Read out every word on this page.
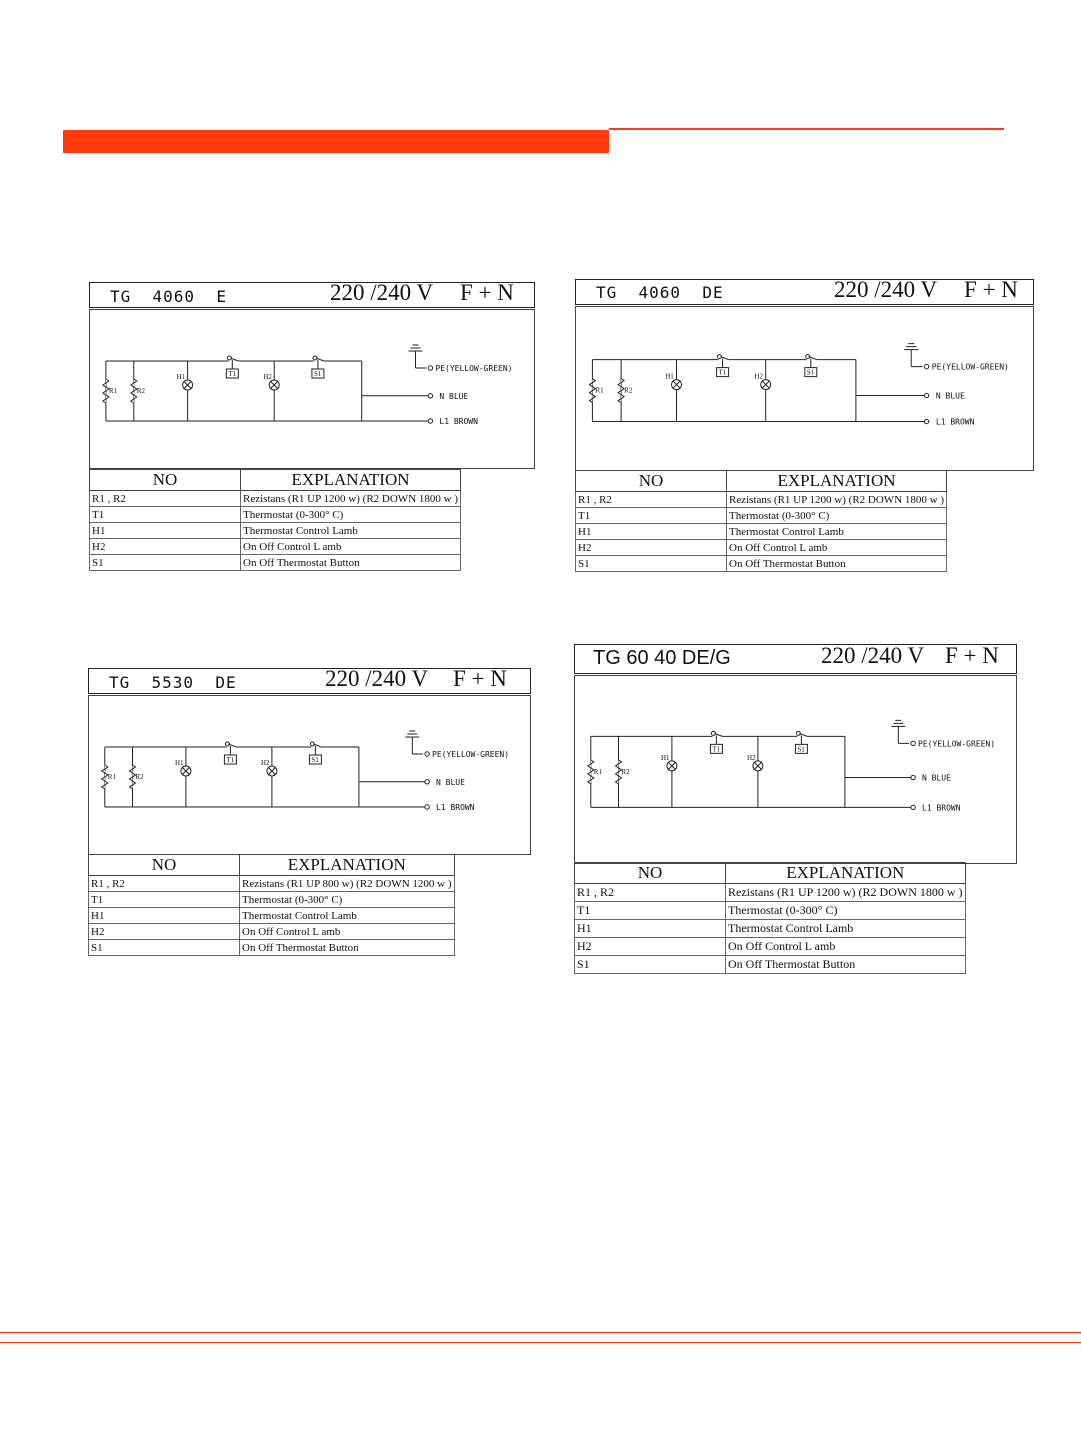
TG  4060  E	220 /240 V F + N
R1	R2
H1	H2
T1	S1
PE(YELLOW-GREEN)
N BLUE
L1 BROWN
NO	EXPLANATION
R1 , R2	Rezistans (R1 UP 1200 w) (R2 DOWN 1800 w )
T1	Thermostat (0-300° C)
H1	Thermostat Control Lamb
H2	On Off Control L amb
S1	On Off Thermostat Button
TG  4060  DE	220 /240 V F + N
R1	R2
H1	H2
T1	S1
PE(YELLOW-GREEN)
N BLUE
L1 BROWN
NO	EXPLANATION
R1 , R2	Rezistans (R1 UP 1200 w) (R2 DOWN 1800 w )
T1	Thermostat (0-300° C)
H1	Thermostat Control Lamb
H2	On Off Control L amb
S1	On Off Thermostat Button
TG  5530  DE	220 /240 V F + N
R1	R2
H1	H2
T1	S1
PE(YELLOW-GREEN)
N BLUE
L1 BROWN
NO	EXPLANATION
R1 , R2	Rezistans (R1 UP 800 w) (R2 DOWN 1200 w )
T1	Thermostat (0-300° C)
H1	Thermostat Control Lamb
H2	On Off Control L amb
S1	On Off Thermostat Button
TG 60 40 DE/G	220 /240 V F + N
R1	R2
H1	H2
T1	S1
PE(YELLOW-GREEN)
N BLUE
L1 BROWN
NO	EXPLANATION
R1 , R2	Rezistans (R1 UP 1200 w) (R2 DOWN 1800 w )
T1	Thermostat (0-300° C)
H1	Thermostat Control Lamb
H2	On Off Control L amb
S1	On Off Thermostat Button
